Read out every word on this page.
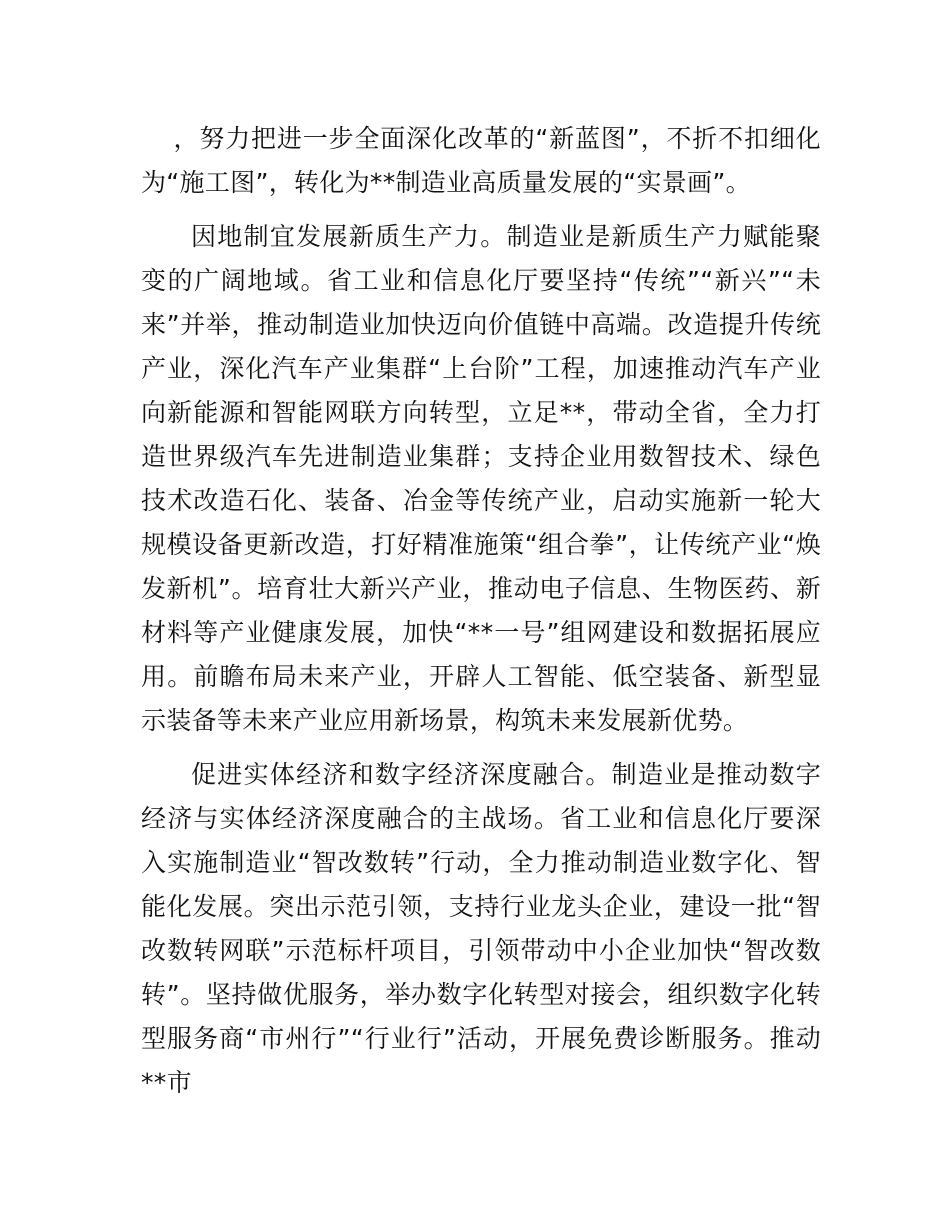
，努力把进一步全面深化改革的“新蓝图”，不折不扣细化为“施工图”，转化为**制造业高质量发展的“实景画”。

因地制宜发展新质生产力。制造业是新质生产力赋能聚变的广阔地域。省工业和信息化厅要坚持“传统”“新兴”“未来”并举，推动制造业加快迈向价值链中高端。改造提升传统产业，深化汽车产业集群“上台阶”工程，加速推动汽车产业向新能源和智能网联方向转型，立足**，带动全省，全力打造世界级汽车先进制造业集群；支持企业用数智技术、绿色技术改造石化、装备、冶金等传统产业，启动实施新一轮大规模设备更新改造，打好精准施策“组合拳”，让传统产业“焕发新机”。培育壮大新兴产业，推动电子信息、生物医药、新材料等产业健康发展，加快“**一号”组网建设和数据拓展应用。前瞻布局未来产业，开辟人工智能、低空装备、新型显示装备等未来产业应用新场景，构筑未来发展新优势。

促进实体经济和数字经济深度融合。制造业是推动数字经济与实体经济深度融合的主战场。省工业和信息化厅要深入实施制造业“智改数转”行动，全力推动制造业数字化、智能化发展。突出示范引领，支持行业龙头企业，建设一批“智改数转网联”示范标杆项目，引领带动中小企业加快“智改数转”。坚持做优服务，举办数字化转型对接会，组织数字化转型服务商“市州行”“行业行”活动，开展免费诊断服务。推动**市
